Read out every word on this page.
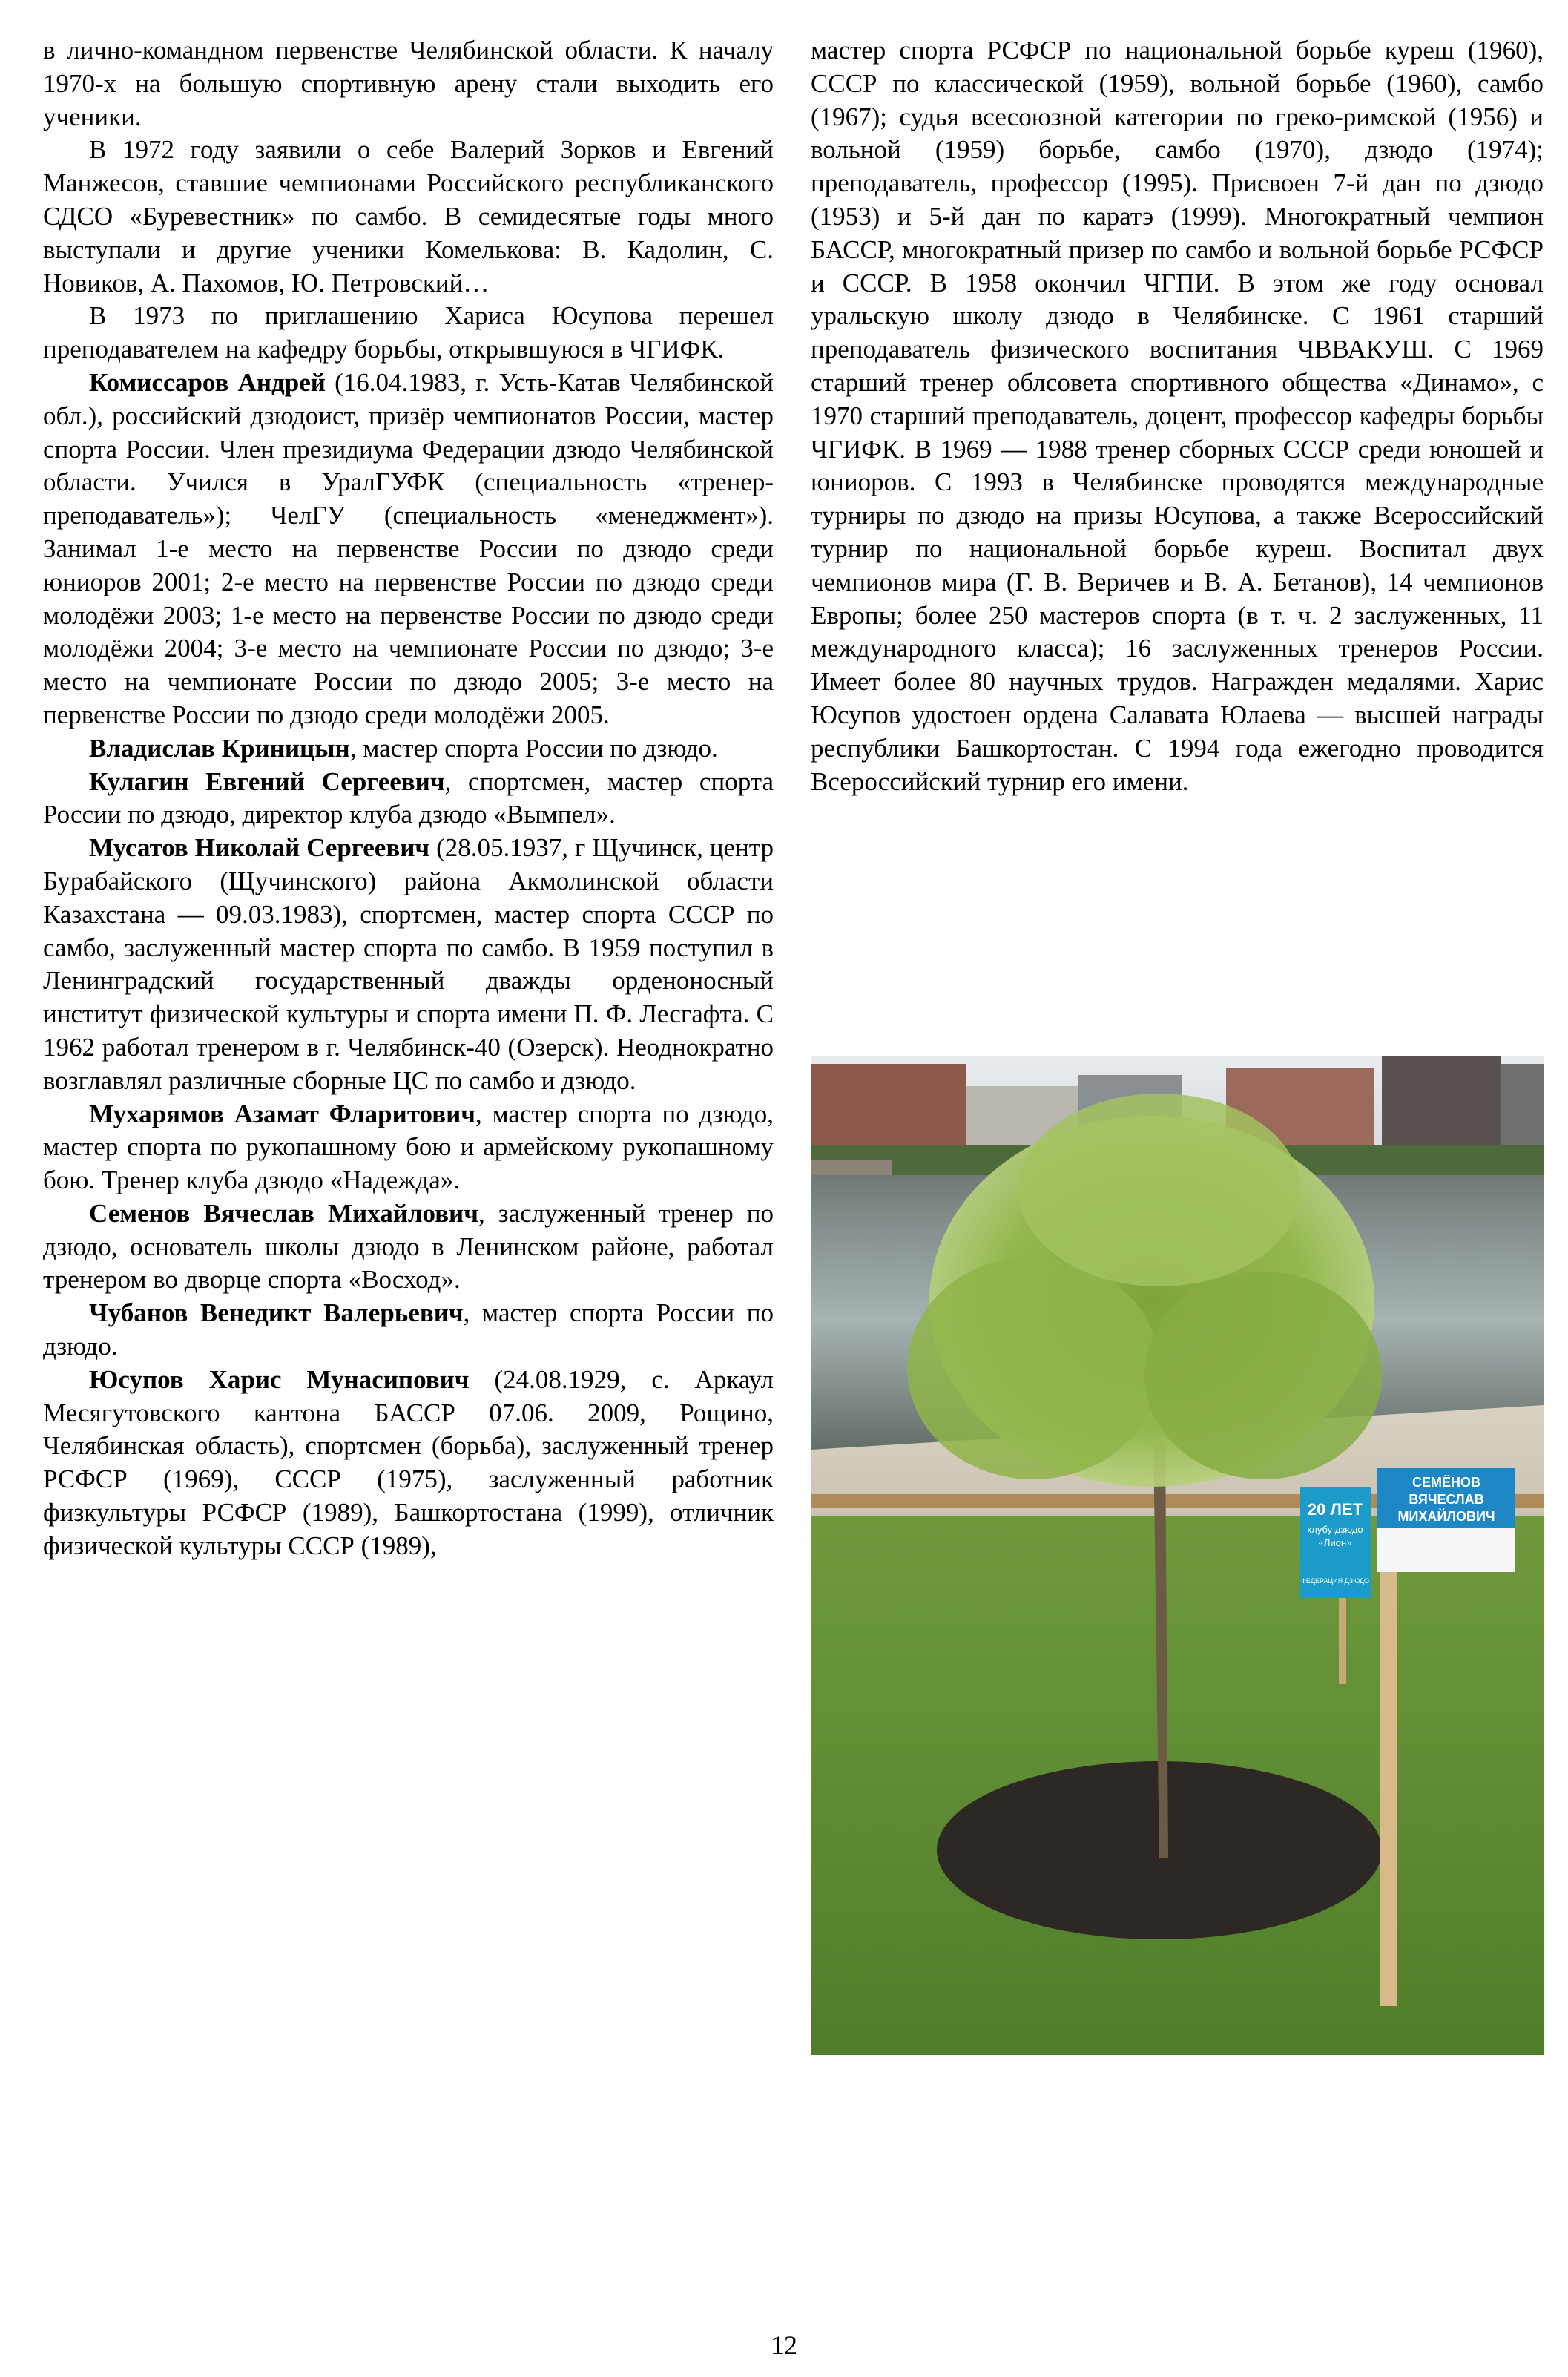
в лично-командном первенстве Челябинской области. К началу 1970-х на большую спортивную арену стали выходить его ученики.

В 1972 году заявили о себе Валерий Зорков и Евгений Манжесов, ставшие чемпионами Российского республиканского СДСО «Буревестник» по самбо. В семидесятые годы много выступали и другие ученики Комелькова: В. Кадолин, С. Новиков, А. Пахомов, Ю. Петровский…

В 1973 по приглашению Хариса Юсупова перешел преподавателем на кафедру борьбы, открывшуюся в ЧГИФК.

Комиссаров Андрей (16.04.1983, г. Усть-Катав Челябинской обл.), российский дзюдоист, призёр чемпионатов России, мастер спорта России. Член президиума Федерации дзюдо Челябинской области. Учился в УралГУФК (специальность «тренер-преподаватель»); ЧелГУ (специальность «менеджмент»). Занимал 1-е место на первенстве России по дзюдо среди юниоров 2001; 2-е место на первенстве России по дзюдо среди молодёжи 2003; 1-е место на первенстве России по дзюдо среди молодёжи 2004; 3-е место на чемпионате России по дзюдо; 3-е место на чемпионате России по дзюдо 2005; 3-е место на первенстве России по дзюдо среди молодёжи 2005.

Владислав Криницын, мастер спорта России по дзюдо.

Кулагин Евгений Сергеевич, спортсмен, мастер спорта России по дзюдо, директор клуба дзюдо «Вымпел».

Мусатов Николай Сергеевич (28.05.1937, г Щучинск, центр Бурабайского (Щучинского) района Акмолинской области Казахстана — 09.03.1983), спортсмен, мастер спорта СССР по самбо, заслуженный мастер спорта по самбо. В 1959 поступил в Ленинградский государственный дважды орденоносный институт физической культуры и спорта имени П. Ф. Лесгафта. С 1962 работал тренером в г. Челябинск-40 (Озерск). Неоднократно возглавлял различные сборные ЦС по самбо и дзюдо.

Мухарямов Азамат Фларитович, мастер спорта по дзюдо, мастер спорта по рукопашному бою и армейскому рукопашному бою. Тренер клуба дзюдо «Надежда».

Семенов Вячеслав Михайлович, заслуженный тренер по дзюдо, основатель школы дзюдо в Ленинском районе, работал тренером во дворце спорта «Восход».

Чубанов Венедикт Валерьевич, мастер спорта России по дзюдо.

Юсупов Харис Мунасипович (24.08.1929, с. Аркаул Месягутовского кантона БАССР 07.06. 2009, Рощино, Челябинская область), спортсмен (борьба), заслуженный тренер РСФСР (1969), СССР (1975), заслуженный работник физкультуры РСФСР (1989), Башкортостана (1999), отличник физической культуры СССР (1989),

мастер спорта РСФСР по национальной борьбе куреш (1960), СССР по классической (1959), вольной борьбе (1960), самбо (1967); судья всесоюзной категории по греко-римской (1956) и вольной (1959) борьбе, самбо (1970), дзюдо (1974); преподаватель, профессор (1995). Присвоен 7-й дан по дзюдо (1953) и 5-й дан по каратэ (1999). Многократный чемпион БАССР, многократный призер по самбо и вольной борьбе РСФСР и СССР. В 1958 окончил ЧГПИ. В этом же году основал уральскую школу дзюдо в Челябинске. С 1961 старший преподаватель физического воспитания ЧВВАКУШ. С 1969 старший тренер облсовета спортивного общества «Динамо», с 1970 старший преподаватель, доцент, профессор кафедры борьбы ЧГИФК. В 1969 — 1988 тренер сборных СССР среди юношей и юниоров. С 1993 в Челябинске проводятся международные турниры по дзюдо на призы Юсупова, а также Всероссийский турнир по национальной борьбе куреш. Воспитал двух чемпионов мира (Г. В. Веричев и В. А. Бетанов), 14 чемпионов Европы; более 250 мастеров спорта (в т. ч. 2 заслуженных, 11 международного класса); 16 заслуженных тренеров России. Имеет более 80 научных трудов. Награжден медалями. Харис Юсупов удостоен ордена Салавата Юлаева — высшей награды республики Башкортостан. С 1994 года ежегодно проводится Всероссийский турнир его имени.

20 ЛЕТ
клубу дзюдо
«Лион»
ФЕДЕРАЦИЯ ДЗЮДО
СЕМЁНОВ
ВЯЧЕСЛАВ
МИХАЙЛОВИЧ
12
